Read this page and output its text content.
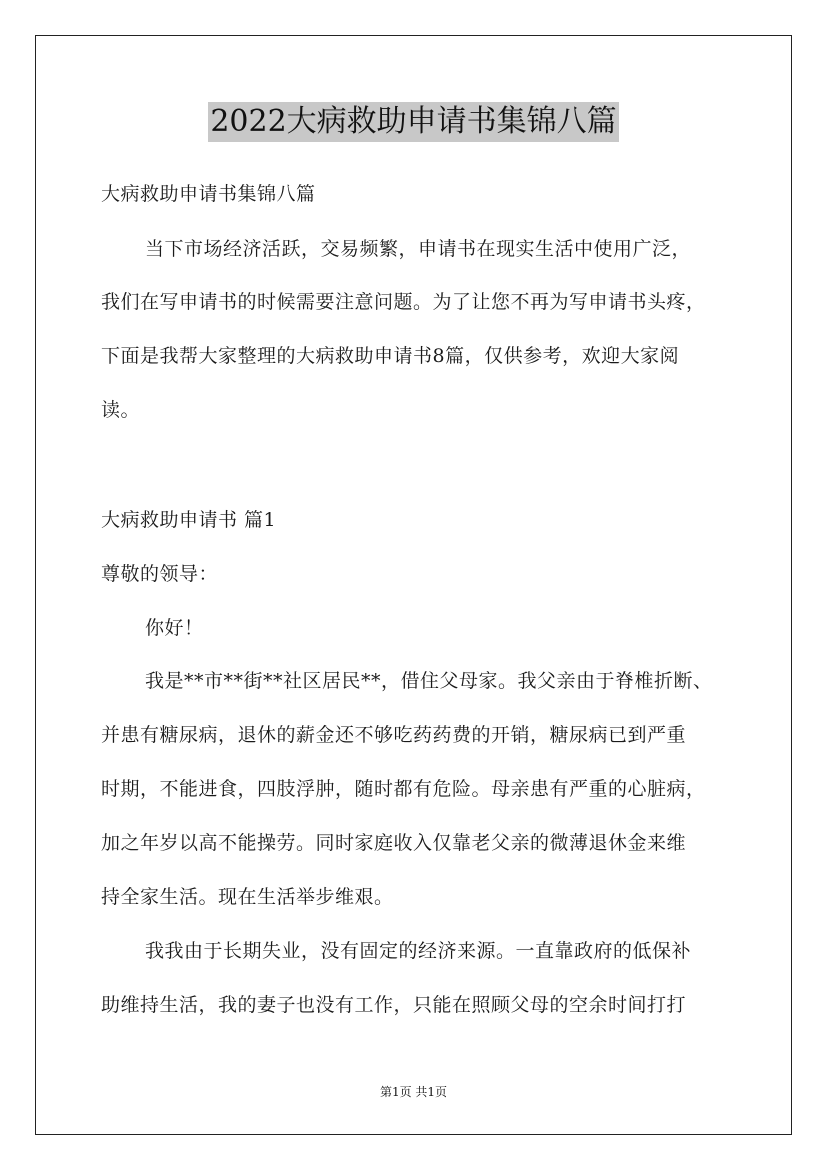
2022大病救助申请书集锦八篇
大病救助申请书集锦八篇
当下市场经济活跃，交易频繁，申请书在现实生活中使用广泛，
我们在写申请书的时候需要注意问题。为了让您不再为写申请书头疼，
下面是我帮大家整理的大病救助申请书8篇，仅供参考，欢迎大家阅
读。
大病救助申请书 篇1
尊敬的领导：
你好！
我是**市**街**社区居民**，借住父母家。我父亲由于脊椎折断、
并患有糖尿病，退休的薪金还不够吃药药费的开销，糖尿病已到严重
时期，不能进食，四肢浮肿，随时都有危险。母亲患有严重的心脏病，
加之年岁以高不能操劳。同时家庭收入仅靠老父亲的微薄退休金来维
持全家生活。现在生活举步维艰。
我我由于长期失业，没有固定的经济来源。一直靠政府的低保补
助维持生活，我的妻子也没有工作，只能在照顾父母的空余时间打打
第1页 共1页
